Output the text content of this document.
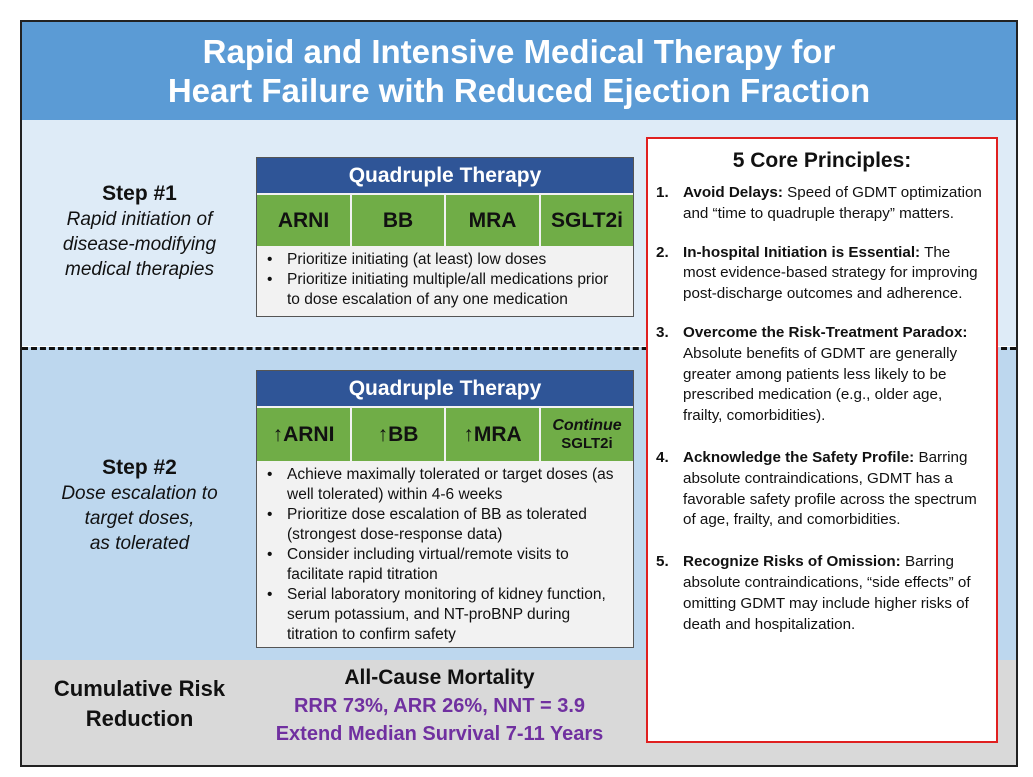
Rapid and Intensive Medical Therapy for
Heart Failure with Reduced Ejection Fraction
Step #1
Rapid initiation of
disease-modifying
medical therapies
Quadruple Therapy
ARNI	BB	MRA	SGLT2i
• Prioritize initiating (at least) low doses
• Prioritize initiating multiple/all medications prior to dose escalation of any one medication
Step #2
Dose escalation to
target doses,
as tolerated
Quadruple Therapy
↑ARNI	↑BB	↑MRA	Continue
SGLT2i
• Achieve maximally tolerated or target doses (as well tolerated) within 4-6 weeks
• Prioritize dose escalation of BB as tolerated (strongest dose-response data)
• Consider including virtual/remote visits to facilitate rapid titration
• Serial laboratory monitoring of kidney function, serum potassium, and NT-proBNP during titration to confirm safety
Cumulative Risk
Reduction
All-Cause Mortality
RRR 73%, ARR 26%, NNT = 3.9
Extend Median Survival 7-11 Years
5 Core Principles:
1. Avoid Delays: Speed of GDMT optimization and “time to quadruple therapy” matters.
2. In-hospital Initiation is Essential: The most evidence-based strategy for improving post-discharge outcomes and adherence.
3. Overcome the Risk-Treatment Paradox: Absolute benefits of GDMT are generally greater among patients less likely to be prescribed medication (e.g., older age, frailty, comorbidities).
4. Acknowledge the Safety Profile: Barring absolute contraindications, GDMT has a favorable safety profile across the spectrum of age, frailty, and comorbidities.
5. Recognize Risks of Omission: Barring absolute contraindications, “side effects” of omitting GDMT may include higher risks of death and hospitalization.
